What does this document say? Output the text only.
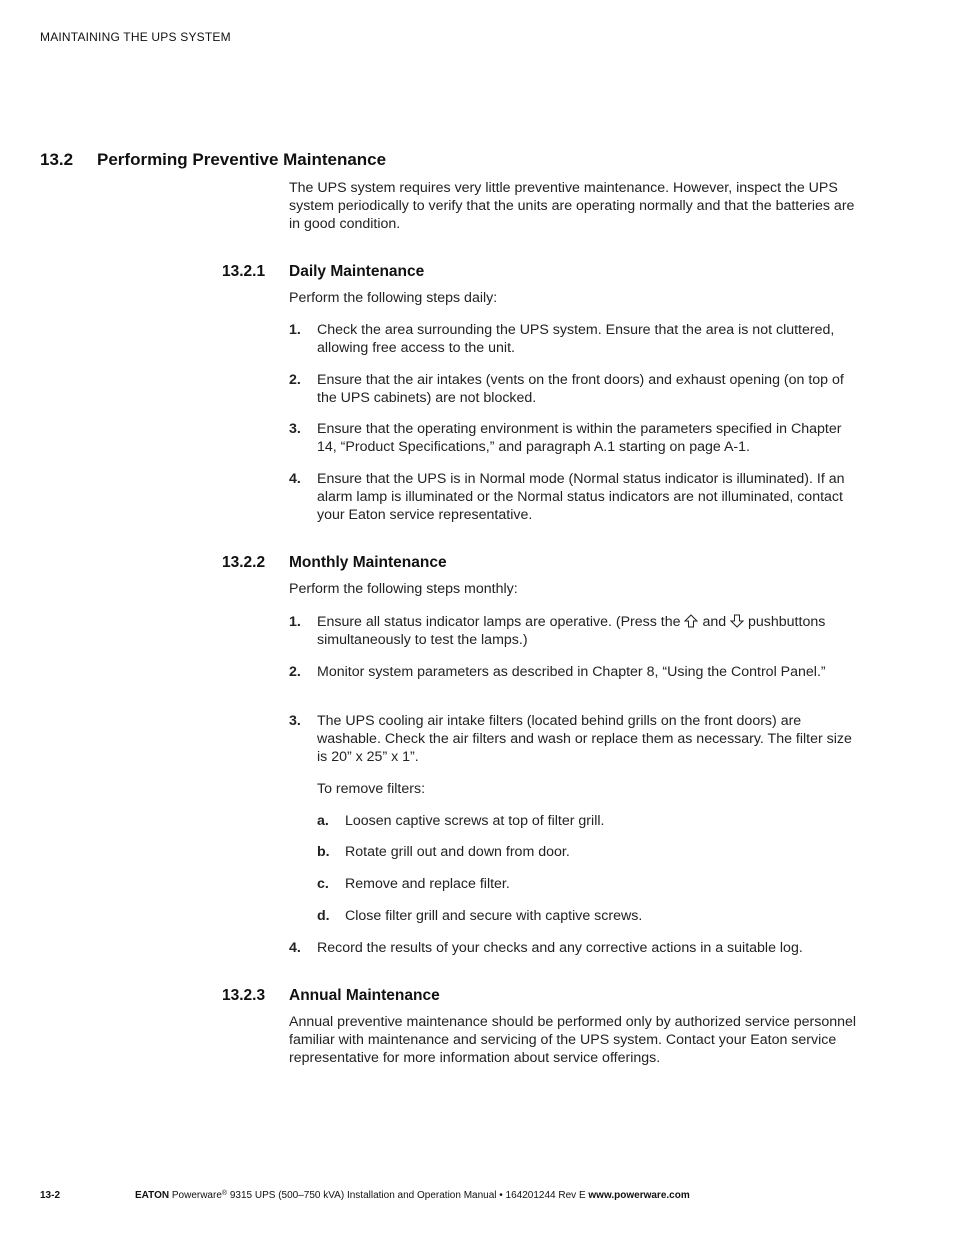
MAINTAINING THE UPS SYSTEM
13.2 Performing Preventive Maintenance
The UPS system requires very little preventive maintenance. However, inspect the UPS system periodically to verify that the units are operating normally and that the batteries are in good condition.
13.2.1 Daily Maintenance
Perform the following steps daily:
1. Check the area surrounding the UPS system. Ensure that the area is not cluttered, allowing free access to the unit.
2. Ensure that the air intakes (vents on the front doors) and exhaust opening (on top of the UPS cabinets) are not blocked.
3. Ensure that the operating environment is within the parameters specified in Chapter 14, “Product Specifications,” and paragraph A.1 starting on page A-1.
4. Ensure that the UPS is in Normal mode (Normal status indicator is illuminated). If an alarm lamp is illuminated or the Normal status indicators are not illuminated, contact your Eaton service representative.
13.2.2 Monthly Maintenance
Perform the following steps monthly:
1. Ensure all status indicator lamps are operative. (Press the and pushbuttons simultaneously to test the lamps.)
2. Monitor system parameters as described in Chapter 8, “Using the Control Panel.”
3. The UPS cooling air intake filters (located behind grills on the front doors) are washable. Check the air filters and wash or replace them as necessary. The filter size is 20” x 25” x 1”.
To remove filters:
a. Loosen captive screws at top of filter grill.
b. Rotate grill out and down from door.
c. Remove and replace filter.
d. Close filter grill and secure with captive screws.
4. Record the results of your checks and any corrective actions in a suitable log.
13.2.3 Annual Maintenance
Annual preventive maintenance should be performed only by authorized service personnel familiar with maintenance and servicing of the UPS system. Contact your Eaton service representative for more information about service offerings.
13-2	EATON Powerware® 9315 UPS (500–750 kVA) Installation and Operation Manual • 164201244 Rev E www.powerware.com
